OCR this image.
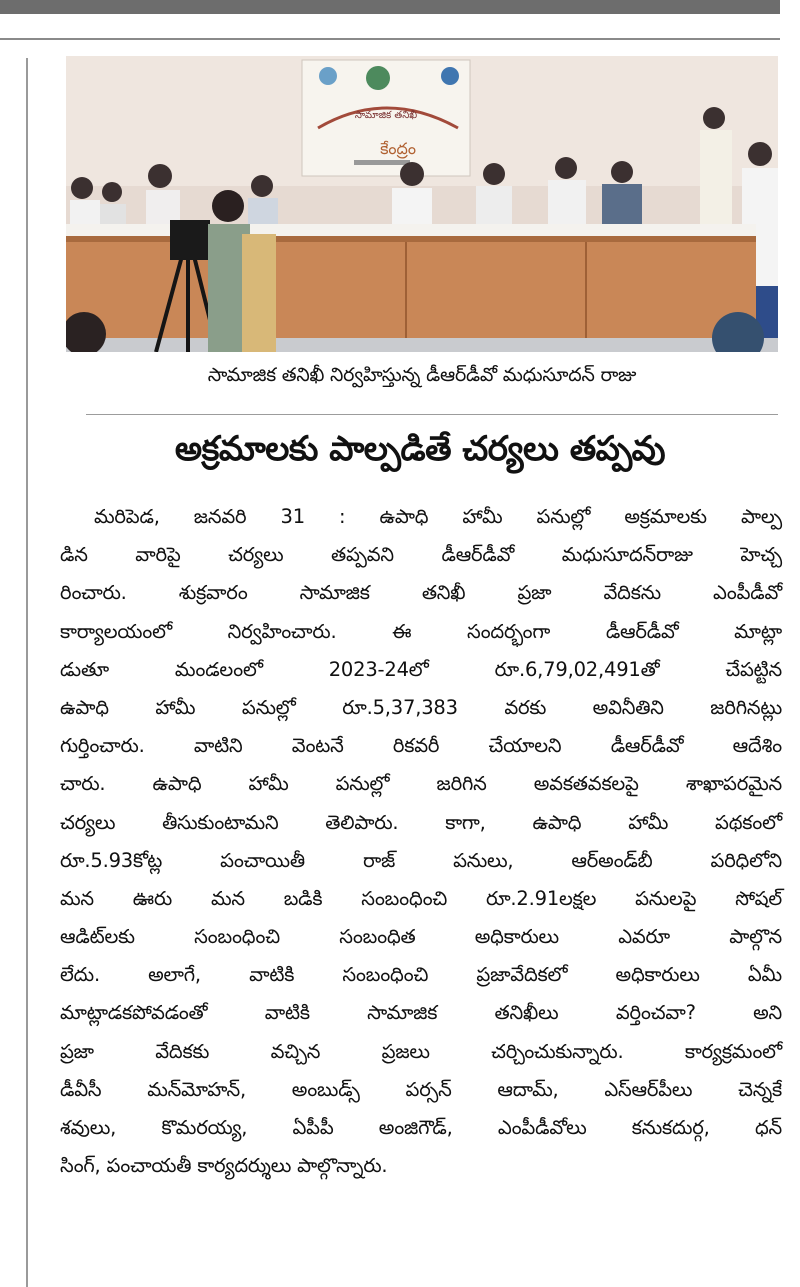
సామాజిక తనిఖీ
కేంద్రం
సామాజిక తనిఖీ నిర్వహిస్తున్న డీఆర్‌డీవో మధుసూదన్‌ రాజు
అక్రమాలకు పాల్పడితే చర్యలు తప్పవు
మరిపెడ, జనవరి 31 : ఉపాధి హామీ పనుల్లో అక్రమాలకు పాల్ప
డిన వారిపై చర్యలు తప్పవని డీఆర్‌డీవో మధుసూదన్‌రాజు హెచ్చ
రించారు. శుక్రవారం సామాజిక తనిఖీ ప్రజా వేదికను ఎంపీడీవో
కార్యాలయంలో నిర్వహించారు. ఈ సందర్భంగా డీఆర్‌డీవో మాట్లా
డుతూ మండలంలో 2023-24లో రూ.6,79,02,491తో చేపట్టిన
ఉపాధి హామీ పనుల్లో రూ.5,37,383 వరకు అవినీతిని జరిగినట్లు
గుర్తించారు. వాటిని వెంటనే రికవరీ చేయాలని డీఆర్‌డీవో ఆదేశిం
చారు. ఉపాధి హామీ పనుల్లో జరిగిన అవకతవకలపై శాఖాపరమైన
చర్యలు తీసుకుంటామని తెలిపారు. కాగా, ఉపాధి హామీ పథకంలో
రూ.5.93కోట్ల పంచాయితీ రాజ్‌ పనులు, ఆర్‌అండ్‌బీ పరిధిలోని
మన ఊరు మన బడికి సంబంధించి రూ.2.91లక్షల పనులపై సోషల్‌
ఆడిట్‌లకు సంబంధించి సంబంధిత అధికారులు ఎవరూ పాల్గొన
లేదు. అలాగే, వాటికి సంబంధించి ప్రజావేదికలో అధికారులు ఏమీ
మాట్లాడకపోవడంతో వాటికి సామాజిక తనిఖీలు వర్తించవా? అని
ప్రజా వేదికకు వచ్చిన ప్రజలు చర్చించుకున్నారు. కార్యక్రమంలో
డీవీసీ మన్‌మోహన్‌, అంబుడ్స్‌ పర్సన్‌ ఆదామ్‌, ఎస్‌ఆర్‌పీలు చెన్నకే
శవులు, కొమరయ్య, ఏపీపీ అంజిగౌడ్‌, ఎంపీడీవోలు కనుకదుర్గ, ధన్‌
సింగ్‌, పంచాయతీ కార్యదర్శులు పాల్గొన్నారు.
